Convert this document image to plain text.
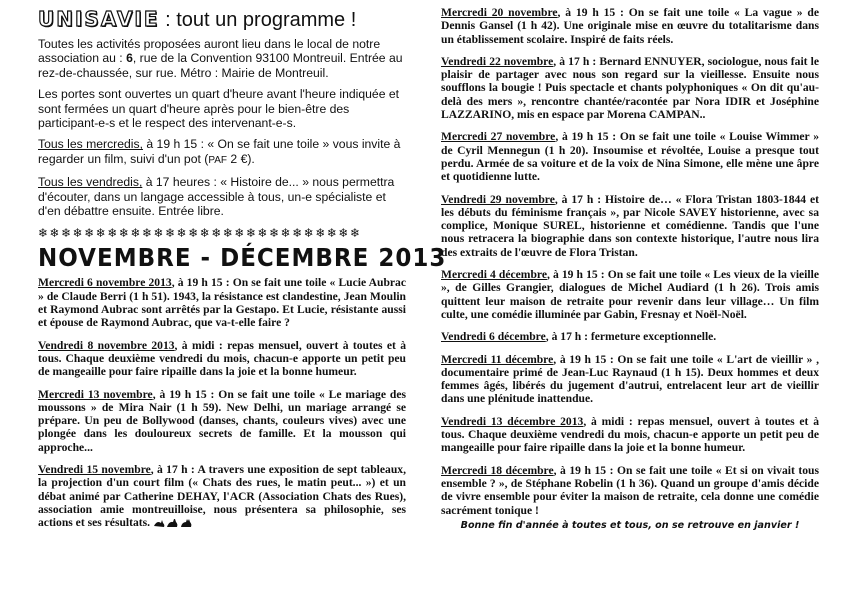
UNISAVIE : tout un programme !

Toutes les activités proposées auront lieu dans le local de notre association au : 6, rue de la Convention 93100 Montreuil. Entrée au rez-de-chaussée, sur rue. Métro : Mairie de Montreuil.

Les portes sont ouvertes un quart d'heure avant l'heure indiquée et sont fermées un quart d'heure après pour le bien-être des participant-e-s et le respect des intervenant-e-s.

Tous les mercredis, à 19 h 15 : « On se fait une toile » vous invite à regarder un film, suivi d'un pot (PAF 2 €).

Tous les vendredis, à 17 heures : « Histoire de... » nous permettra d'écouter, dans un langage accessible à tous, un-e spécialiste et d'en débattre ensuite. Entrée libre.

❄❄❄❄❄❄❄❄❄❄❄❄❄❄❄❄❄❄❄❄❄❄❄❄❄❄❄❄
NOVEMBRE - DÉCEMBRE 2013

Mercredi 6 novembre 2013, à 19 h 15 : On se fait une toile « Lucie Aubrac » de Claude Berri (1 h 51). 1943, la résistance est clandestine, Jean Moulin et Raymond Aubrac sont arrêtés par la Gestapo. Et Lucie, résistante aussi et épouse de Raymond Aubrac, que va-t-elle faire ?

Vendredi 8 novembre 2013, à midi : repas mensuel, ouvert à toutes et à tous. Chaque deuxième vendredi du mois, chacun-e apporte un petit peu de mangeaille pour faire ripaille dans la joie et la bonne humeur.

Mercredi 13 novembre, à 19 h 15 : On se fait une toile « Le mariage des moussons » de Mira Nair (1 h 59). New Delhi, un mariage arrangé se prépare. Un peu de Bollywood (danses, chants, couleurs vives) avec une plongée dans les douloureux secrets de famille. Et la mousson qui approche...

Vendredi 15 novembre, à 17 h : A travers une exposition de sept tableaux, la projection d'un court film (« Chats des rues, le matin peut... ») et un débat animé par Catherine DEHAY, l'ACR (Association Chats des Rues), association amie montreuilloise, nous présentera sa philosophie, ses actions et ses résultats.

Mercredi 20 novembre, à 19 h 15 : On se fait une toile « La vague » de Dennis Gansel (1 h 42). Une originale mise en œuvre du totalitarisme dans un établissement scolaire. Inspiré de faits réels.

Vendredi 22 novembre, à 17 h : Bernard ENNUYER, sociologue, nous fait le plaisir de partager avec nous son regard sur la vieillesse. Ensuite nous soufflons la bougie ! Puis spectacle et chants polyphoniques « On dit qu'au-delà des mers », rencontre chantée/racontée par Nora IDIR et Joséphine LAZZARINO, mis en espace par Morena CAMPAN..

Mercredi 27 novembre, à 19 h 15 : On se fait une toile « Louise Wimmer » de Cyril Mennegun (1 h 20). Insoumise et révoltée, Louise a presque tout perdu. Armée de sa voiture et de la voix de Nina Simone, elle mène une âpre et quotidienne lutte.

Vendredi 29 novembre, à 17 h : Histoire de… « Flora Tristan 1803-1844 et les débuts du féminisme français », par Nicole SAVEY historienne, avec sa complice, Monique SUREL, historienne et comédienne. Tandis que l'une nous retracera la biographie dans son contexte historique, l'autre nous lira des extraits de l'œuvre de Flora Tristan.

Mercredi 4 décembre, à 19 h 15 : On se fait une toile « Les vieux de la vieille », de Gilles Grangier, dialogues de Michel Audiard (1 h 26). Trois amis quittent leur maison de retraite pour revenir dans leur village… Un film culte, une comédie illuminée par Gabin, Fresnay et Noël-Noël.

Vendredi 6 décembre, à 17 h : fermeture exceptionnelle.

Mercredi 11 décembre, à 19 h 15 : On se fait une toile « L'art de vieillir » , documentaire primé de Jean-Luc Raynaud (1 h 15). Deux hommes et deux femmes âgés, libérés du jugement d'autrui, entrelacent leur art de vieillir dans une plénitude inattendue.

Vendredi 13 décembre 2013, à midi : repas mensuel, ouvert à toutes et à tous. Chaque deuxième vendredi du mois, chacun-e apporte un petit peu de mangeaille pour faire ripaille dans la joie et la bonne humeur.

Mercredi 18 décembre, à 19 h 15 : On se fait une toile « Et si on vivait tous ensemble ? », de Stéphane Robelin (1 h 36). Quand un groupe d'amis décide de vivre ensemble pour éviter la maison de retraite, cela donne une comédie sacrément tonique !

Bonne fin d'année à toutes et tous, on se retrouve en janvier !
